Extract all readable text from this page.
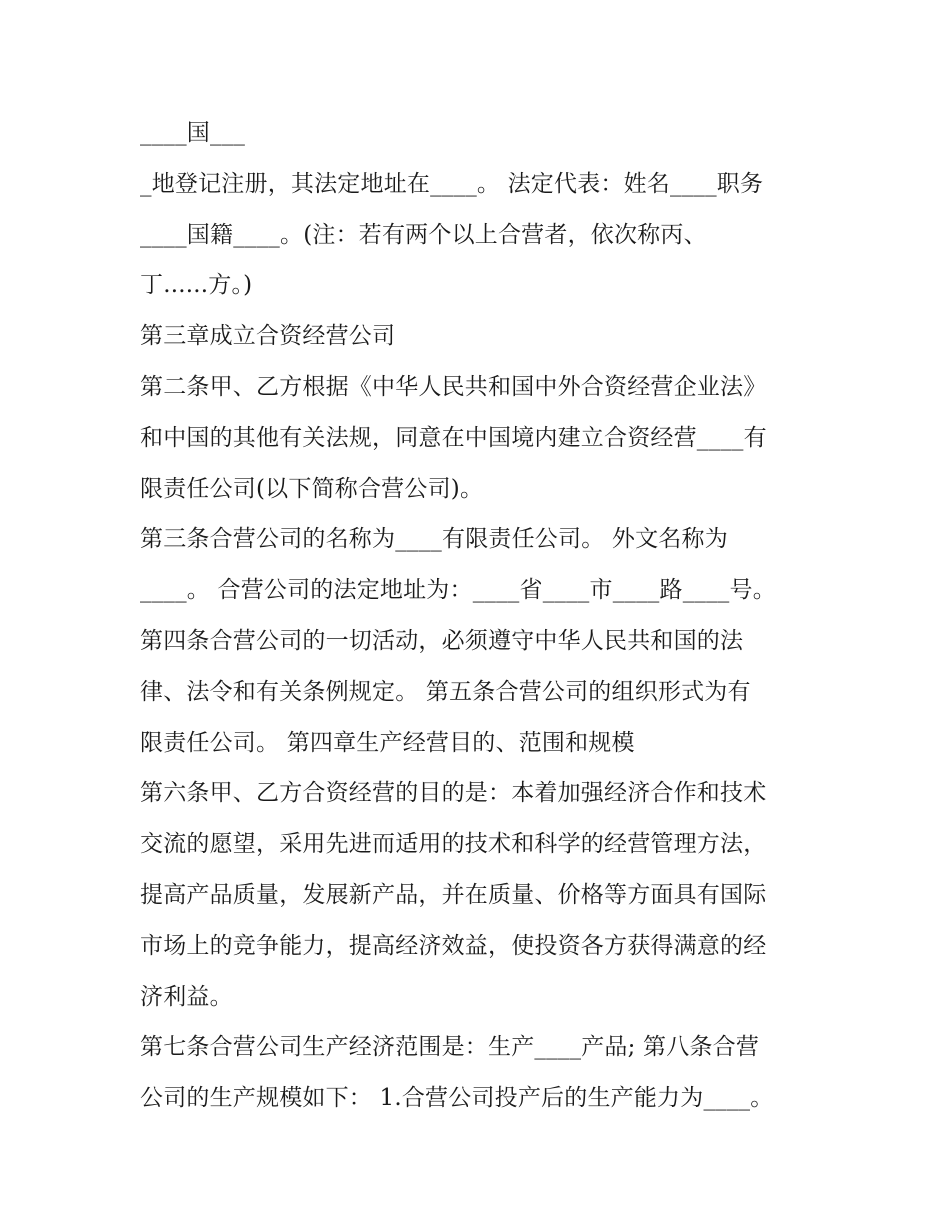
____国___
_地登记注册，其法定地址在____。 法定代表：姓名____职务
____国籍____。(注：若有两个以上合营者，依次称丙、
丁......方。)
第三章成立合资经营公司
第二条甲、乙方根据《中华人民共和国中外合资经营企业法》
和中国的其他有关法规，同意在中国境内建立合资经营____有
限责任公司(以下简称合营公司)。
第三条合营公司的名称为____有限责任公司。 外文名称为
____。 合营公司的法定地址为：____省____市____路____号。
第四条合营公司的一切活动，必须遵守中华人民共和国的法
律、法令和有关条例规定。 第五条合营公司的组织形式为有
限责任公司。 第四章生产经营目的、范围和规模
第六条甲、乙方合资经营的目的是：本着加强经济合作和技术
交流的愿望，采用先进而适用的技术和科学的经营管理方法，
提高产品质量，发展新产品，并在质量、价格等方面具有国际
市场上的竞争能力，提高经济效益，使投资各方获得满意的经
济利益。
第七条合营公司生产经济范围是：生产____产品; 第八条合营
公司的生产规模如下： 1.合营公司投产后的生产能力为____。
